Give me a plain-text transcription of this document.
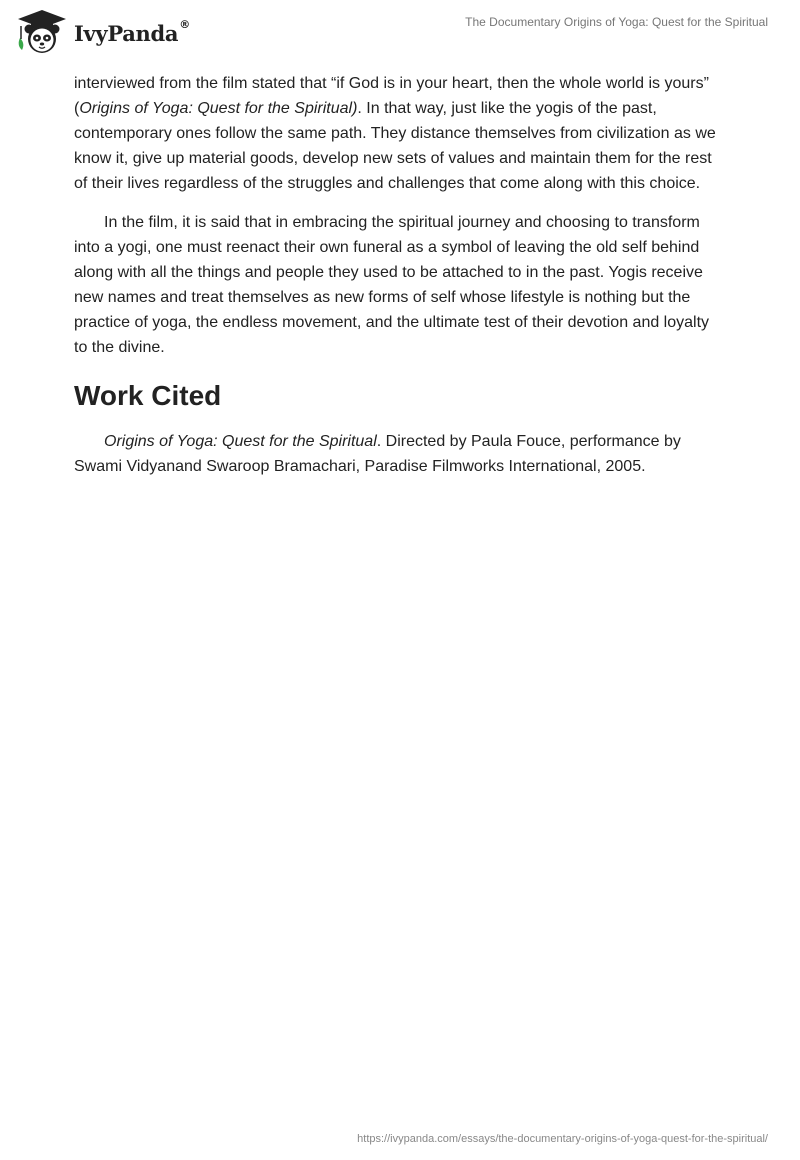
IvyPanda®	The Documentary Origins of Yoga: Quest for the Spiritual

interviewed from the film stated that “if God is in your heart, then the whole world is yours” (Origins of Yoga: Quest for the Spiritual). In that way, just like the yogis of the past, contemporary ones follow the same path. They distance themselves from civilization as we know it, give up material goods, develop new sets of values and maintain them for the rest of their lives regardless of the struggles and challenges that come along with this choice.

In the film, it is said that in embracing the spiritual journey and choosing to transform into a yogi, one must reenact their own funeral as a symbol of leaving the old self behind along with all the things and people they used to be attached to in the past. Yogis receive new names and treat themselves as new forms of self whose lifestyle is nothing but the practice of yoga, the endless movement, and the ultimate test of their devotion and loyalty to the divine.

Work Cited

Origins of Yoga: Quest for the Spiritual. Directed by Paula Fouce, performance by Swami Vidyanand Swaroop Bramachari, Paradise Filmworks International, 2005.

https://ivypanda.com/essays/the-documentary-origins-of-yoga-quest-for-the-spiritual/
